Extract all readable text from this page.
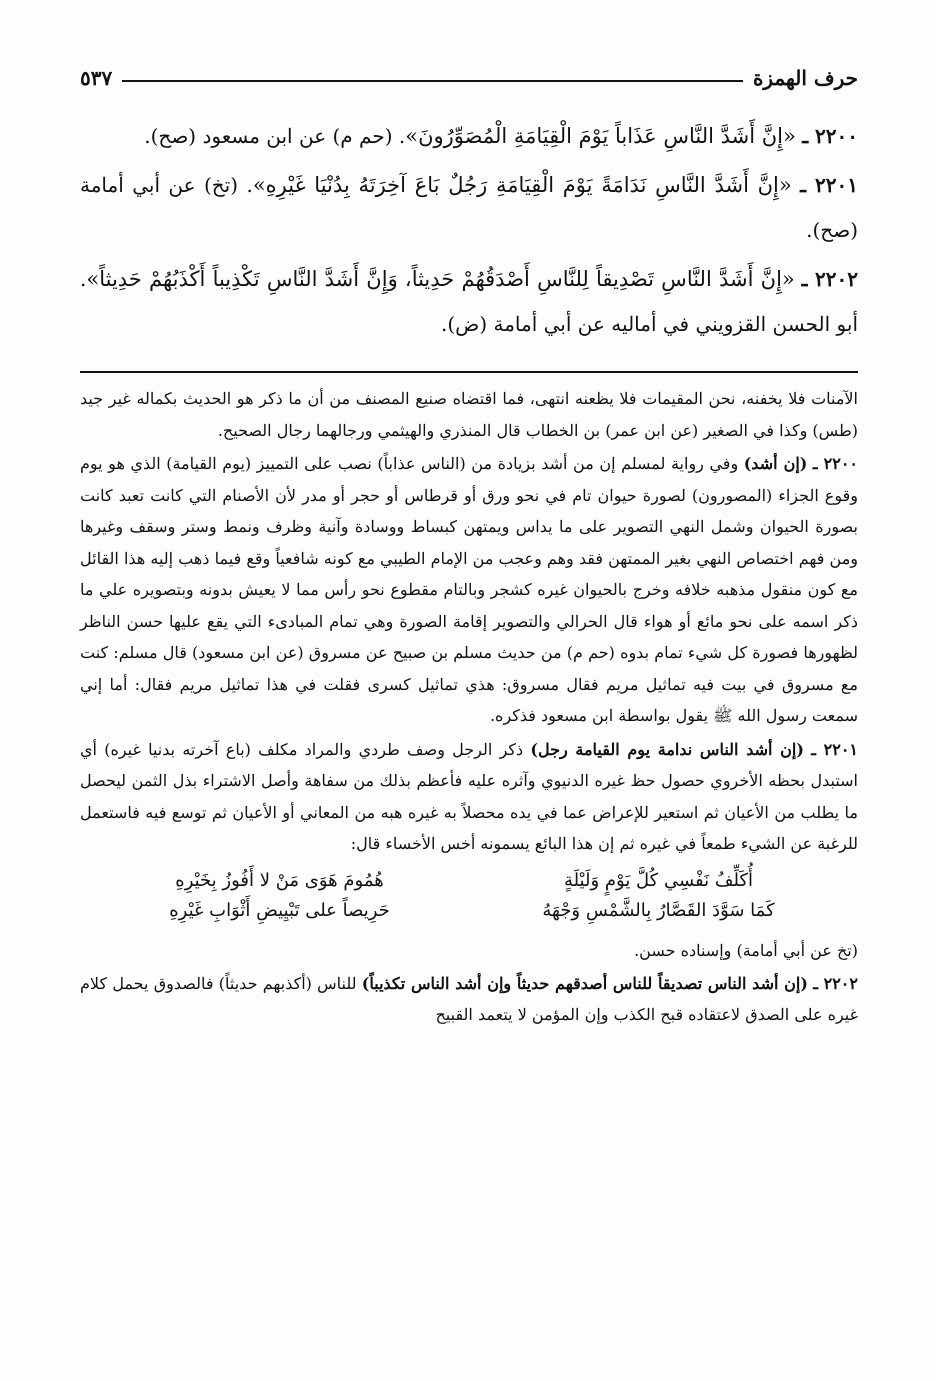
حرف الهمزة
٥٣٧

٢٢٠٠ ـ «إِنَّ أَشَدَّ النَّاسِ عَذَاباً يَوْمَ الْقِيَامَةِ الْمُصَوِّرُونَ». (حم م) عن ابن مسعود (صح).

٢٢٠١ ـ «إِنَّ أَشَدَّ النَّاسِ نَدَامَةً يَوْمَ الْقِيَامَةِ رَجُلٌ بَاعَ آخِرَتَهُ بِدُنْيَا غَيْرِهِ». (تخ) عن أبي أمامة (صح).

٢٢٠٢ ـ «إِنَّ أَشَدَّ النَّاسِ تَصْدِيقاً لِلنَّاسِ أَصْدَقُهُمْ حَدِيثاً، وَإِنَّ أَشَدَّ النَّاسِ تَكْذِيباً أَكْذَبُهُمْ حَدِيثاً». أبو الحسن القزويني في أماليه عن أبي أمامة (ض).

الآمنات فلا يخفنه، نحن المقيمات فلا يظعنه انتهى، فما اقتضاه صنيع المصنف من أن ما ذكر هو الحديث بكماله غير جيد (طس) وكذا في الصغير (عن ابن عمر) بن الخطاب قال المنذري والهيثمي ورجالهما رجال الصحيح.

٢٢٠٠ ـ (إن أشد) وفي رواية لمسلم إن من أشد بزيادة من (الناس عذاباً) نصب على التمييز (يوم القيامة) الذي هو يوم وقوع الجزاء (المصورون) لصورة حيوان تام في نحو ورق أو قرطاس أو حجر أو مدر لأن الأصنام التي كانت تعبد كانت بصورة الحيوان وشمل النهي التصوير على ما يداس ويمتهن كبساط ووسادة وآنية وظرف ونمط وستر وسقف وغيرها ومن فهم اختصاص النهي بغير الممتهن فقد وهم وعجب من الإمام الطيبي مع كونه شافعياً وقع فيما ذهب إليه هذا القائل مع كون منقول مذهبه خلافه وخرج بالحيوان غيره كشجر وبالتام مقطوع نحو رأس مما لا يعيش بدونه وبتصويره علي ما ذكر اسمه على نحو مائع أو هواء قال الحرالي والتصوير إقامة الصورة وهي تمام المبادىء التي يقع عليها حسن الناظر لظهورها فصورة كل شيء تمام بدوه (حم م) من حديث مسلم بن صبيح عن مسروق (عن ابن مسعود) قال مسلم: كنت مع مسروق في بيت فيه تماثيل مريم فقال مسروق: هذي تماثيل كسرى فقلت في هذا تماثيل مريم فقال: أما إني سمعت رسول الله ﷺ يقول بواسطة ابن مسعود فذكره.

٢٢٠١ ـ (إن أشد الناس ندامة يوم القيامة رجل) ذكر الرجل وصف طردي والمراد مكلف (باع آخرته بدنيا غيره) أي استبدل بحظه الأخروي حصول حظ غيره الدنيوي وآثره عليه فأعظم بذلك من سفاهة وأصل الاشتراء بذل الثمن ليحصل ما يطلب من الأعيان ثم استعير للإعراض عما في يده محصلاً به غيره هبه من المعاني أو الأعيان ثم توسع فيه فاستعمل للرغبة عن الشيء طمعاً في غيره ثم إن هذا البائع يسمونه أخس الأخساء قال:

أُكَلِّفُ نَفْسِي كُلَّ يَوْمٍ وَلَيْلَةٍ
هُمُومَ هَوَى مَنْ لا أَفُوزُ بِخَيْرِهِ
كَمَا سَوَّدَ القَصَّارُ بِالشَّمْسِ وَجْهَهُ
حَرِيصاً على تَبْيِيضِ أَثْوَابِ غَيْرِهِ

(تخ عن أبي أمامة) وإسناده حسن.

٢٢٠٢ ـ (إن أشد الناس تصديقاً للناس أصدقهم حديثاً وإن أشد الناس تكذيباً) للناس (أكذبهم حديثاً) فالصدوق يحمل كلام غيره على الصدق لاعتقاده قبح الكذب وإن المؤمن لا يتعمد القبيح
